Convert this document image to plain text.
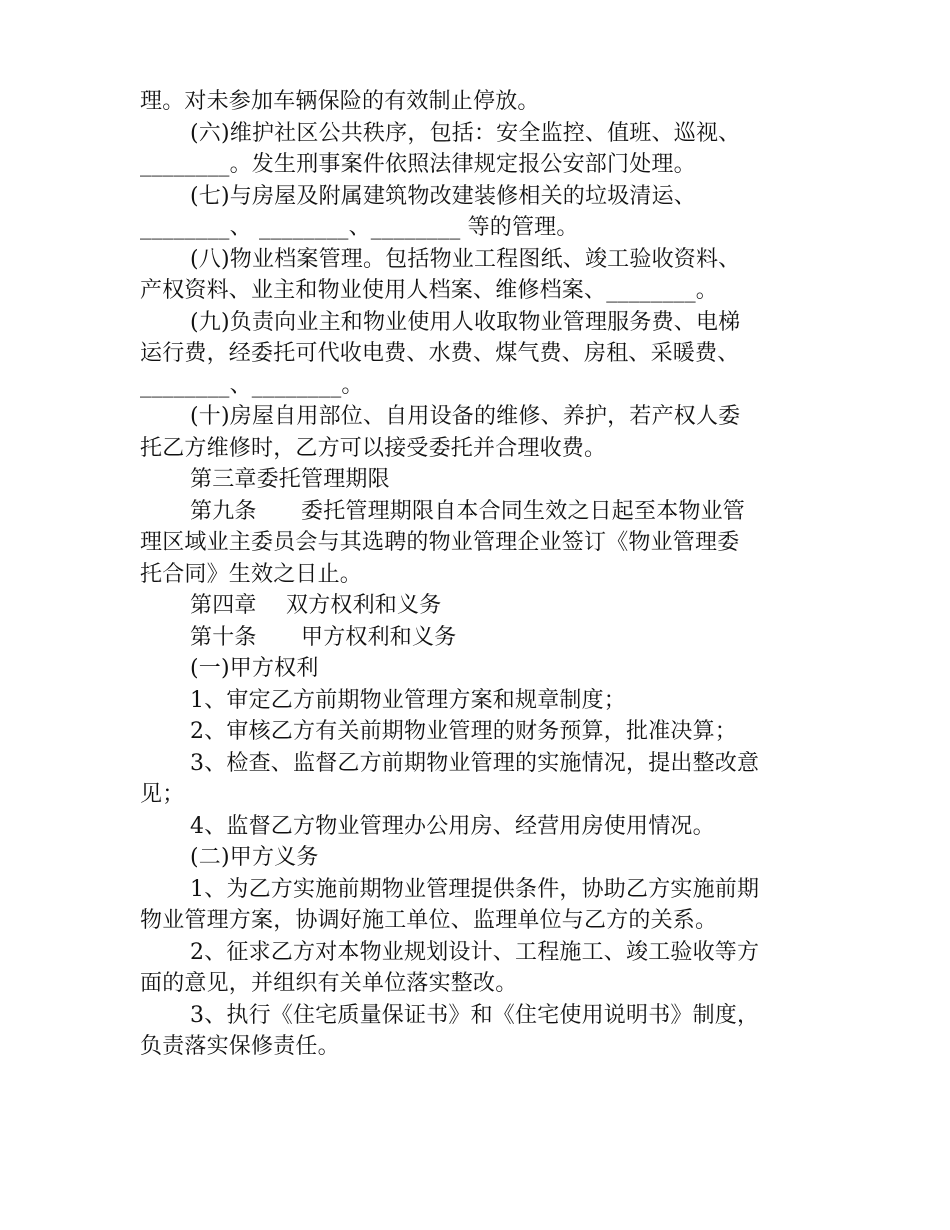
理。对未参加车辆保险的有效制止停放。
(六)维护社区公共秩序，包括：安全监控、值班、巡视、
________。发生刑事案件依照法律规定报公安部门处理。
(七)与房屋及附属建筑物改建装修相关的垃圾清运、
________、 ________、________ 等的管理。
(八)物业档案管理。包括物业工程图纸、竣工验收资料、
产权资料、业主和物业使用人档案、维修档案、________。
(九)负责向业主和物业使用人收取物业管理服务费、电梯
运行费，经委托可代收电费、水费、煤气费、房租、采暖费、
________、________。
(十)房屋自用部位、自用设备的维修、养护，若产权人委
托乙方维修时，乙方可以接受委托并合理收费。
第三章委托管理期限
第九条　　委托管理期限自本合同生效之日起至本物业管
理区域业主委员会与其选聘的物业管理企业签订《物业管理委
托合同》生效之日止。
第四章　 双方权利和义务
第十条　　甲方权利和义务
(一)甲方权利
1、审定乙方前期物业管理方案和规章制度；
2、审核乙方有关前期物业管理的财务预算，批准决算；
3、检查、监督乙方前期物业管理的实施情况，提出整改意
见；
4、监督乙方物业管理办公用房、经营用房使用情况。
(二)甲方义务
1、为乙方实施前期物业管理提供条件，协助乙方实施前期
物业管理方案，协调好施工单位、监理单位与乙方的关系。
2、征求乙方对本物业规划设计、工程施工、竣工验收等方
面的意见，并组织有关单位落实整改。
3、执行《住宅质量保证书》和《住宅使用说明书》制度，
负责落实保修责任。
